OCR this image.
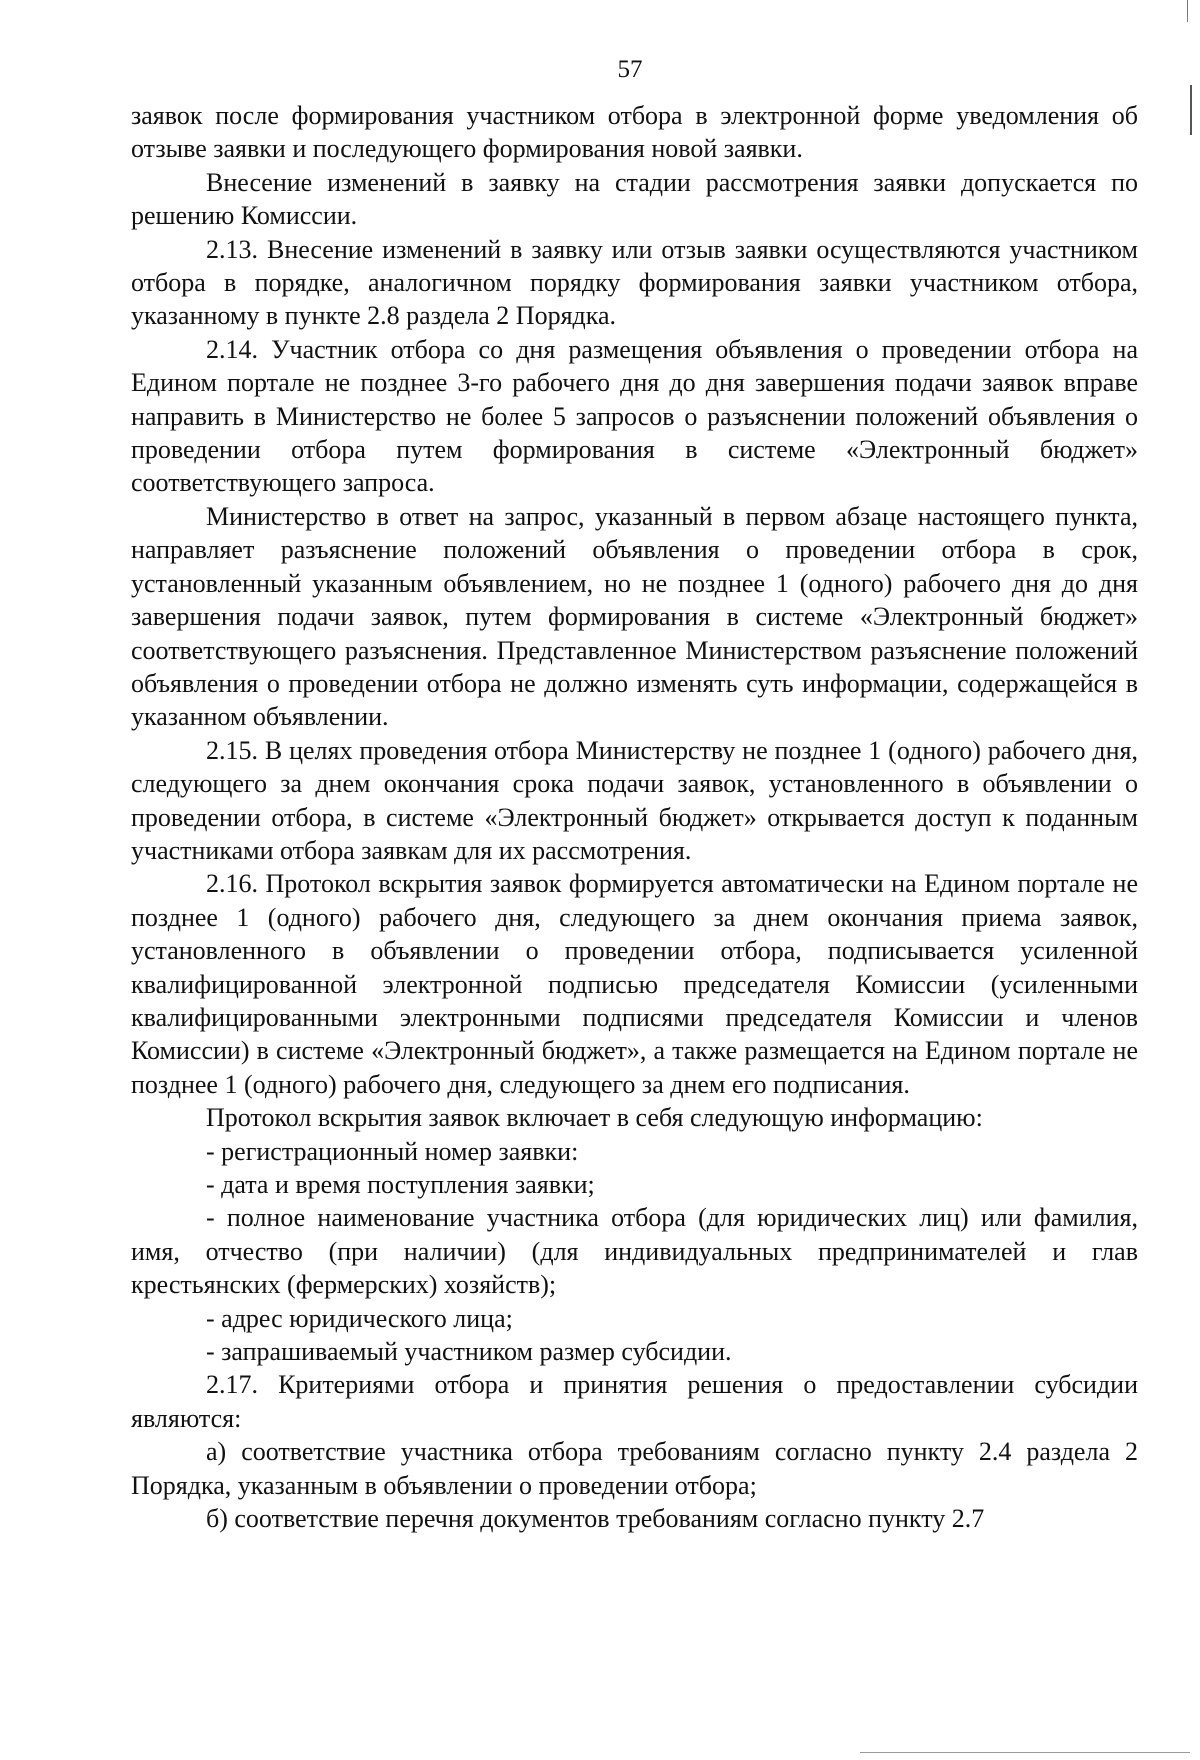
57

заявок после формирования участником отбора в электронной форме уведомления об отзыве заявки и последующего формирования новой заявки.

Внесение изменений в заявку на стадии рассмотрения заявки допускается по решению Комиссии.

2.13. Внесение изменений в заявку или отзыв заявки осуществляются участником отбора в порядке, аналогичном порядку формирования заявки участником отбора, указанному в пункте 2.8 раздела 2 Порядка.

2.14. Участник отбора со дня размещения объявления о проведении отбора на Едином портале не позднее 3-го рабочего дня до дня завершения подачи заявок вправе направить в Министерство не более 5 запросов о разъяснении положений объявления о проведении отбора путем формирования в системе «Электронный бюджет» соответствующего запроса.

Министерство в ответ на запрос, указанный в первом абзаце настоящего пункта, направляет разъяснение положений объявления о проведении отбора в срок, установленный указанным объявлением, но не позднее 1 (одного) рабочего дня до дня завершения подачи заявок, путем формирования в системе «Электронный бюджет» соответствующего разъяснения. Представленное Министерством разъяснение положений объявления о проведении отбора не должно изменять суть информации, содержащейся в указанном объявлении.

2.15. В целях проведения отбора Министерству не позднее 1 (одного) рабочего дня, следующего за днем окончания срока подачи заявок, установленного в объявлении о проведении отбора, в системе «Электронный бюджет» открывается доступ к поданным участниками отбора заявкам для их рассмотрения.

2.16. Протокол вскрытия заявок формируется автоматически на Едином портале не позднее 1 (одного) рабочего дня, следующего за днем окончания приема заявок, установленного в объявлении о проведении отбора, подписывается усиленной квалифицированной электронной подписью председателя Комиссии (усиленными квалифицированными электронными подписями председателя Комиссии и членов Комиссии) в системе «Электронный бюджет», а также размещается на Едином портале не позднее 1 (одного) рабочего дня, следующего за днем его подписания.

Протокол вскрытия заявок включает в себя следующую информацию:

- регистрационный номер заявки:

- дата и время поступления заявки;

- полное наименование участника отбора (для юридических лиц) или фамилия, имя, отчество (при наличии) (для индивидуальных предпринимателей и глав крестьянских (фермерских) хозяйств);

- адрес юридического лица;

- запрашиваемый участником размер субсидии.

2.17. Критериями отбора и принятия решения о предоставлении субсидии являются:

а) соответствие участника отбора требованиям согласно пункту 2.4 раздела 2 Порядка, указанным в объявлении о проведении отбора;

б) соответствие перечня документов требованиям согласно пункту 2.7
